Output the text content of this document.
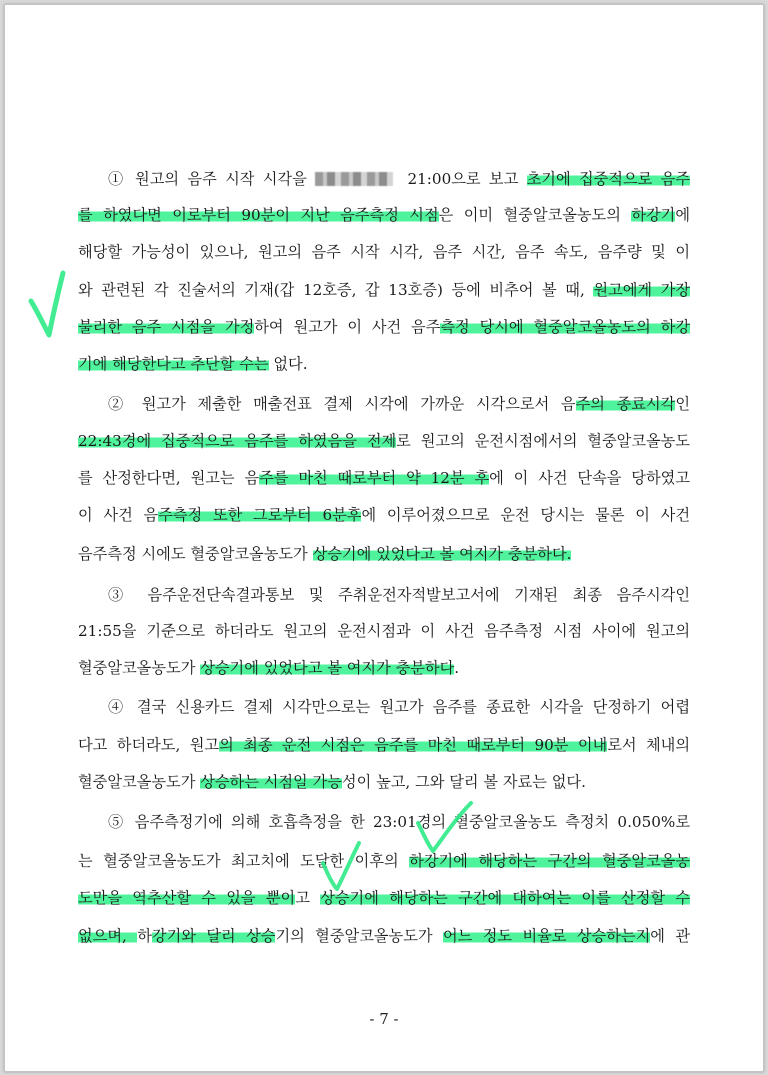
① 원고의 음주 시작 시각을	21:00으로 보고 초기에 집중적으로 음주
를 하였다면 이로부터 90분이 지난 음주측정 시점은 이미 혈중알코올농도의 하강기에
해당할 가능성이 있으나, 원고의 음주 시작 시각, 음주 시간, 음주 속도, 음주량 및 이
와 관련된 각 진술서의 기재(갑 12호증, 갑 13호증) 등에 비추어 볼 때, 원고에게 가장
불리한 음주 시점을 가정하여 원고가 이 사건 음주측정 당시에 혈중알코올농도의 하강
기에 해당한다고 추단할 수는 없다.
② 원고가 제출한 매출전표 결제 시각에 가까운 시각으로서 음주의 종료시각인
22:43경에 집중적으로 음주를 하였음을 전제로 원고의 운전시점에서의 혈중알코올농도
를 산정한다면, 원고는 음주를 마친 때로부터 약 12분 후에 이 사건 단속을 당하였고
이 사건 음주측정 또한 그로부터 6분후에 이루어졌으므로 운전 당시는 물론 이 사건
음주측정 시에도 혈중알코올농도가 상승기에 있었다고 볼 여지가 충분하다.
③ 음주운전단속결과통보 및 주취운전자적발보고서에 기재된 최종 음주시각인
21:55을 기준으로 하더라도 원고의 운전시점과 이 사건 음주측정 시점 사이에 원고의
혈중알코올농도가 상승기에 있었다고 볼 여지가 충분하다.
④ 결국 신용카드 결제 시각만으로는 원고가 음주를 종료한 시각을 단정하기 어렵
다고 하더라도, 원고의 최종 운전 시점은 음주를 마친 때로부터 90분 이내로서 체내의
혈중알코올농도가 상승하는 시점일 가능성이 높고, 그와 달리 볼 자료는 없다.
⑤ 음주측정기에 의해 호흡측정을 한 23:01경의 혈중알코올농도 측정치 0.050%로
는 혈중알코올농도가 최고치에 도달한 이후의 하강기에 해당하는 구간의 혈중알코올농
도만을 역추산할 수 있을 뿐이고 상승기에 해당하는 구간에 대하여는 이를 산정할 수
없으며, 하강기와 달리 상승기의 혈중알코올농도가 어느 정도 비율로 상승하는지에 관
- 7 -
